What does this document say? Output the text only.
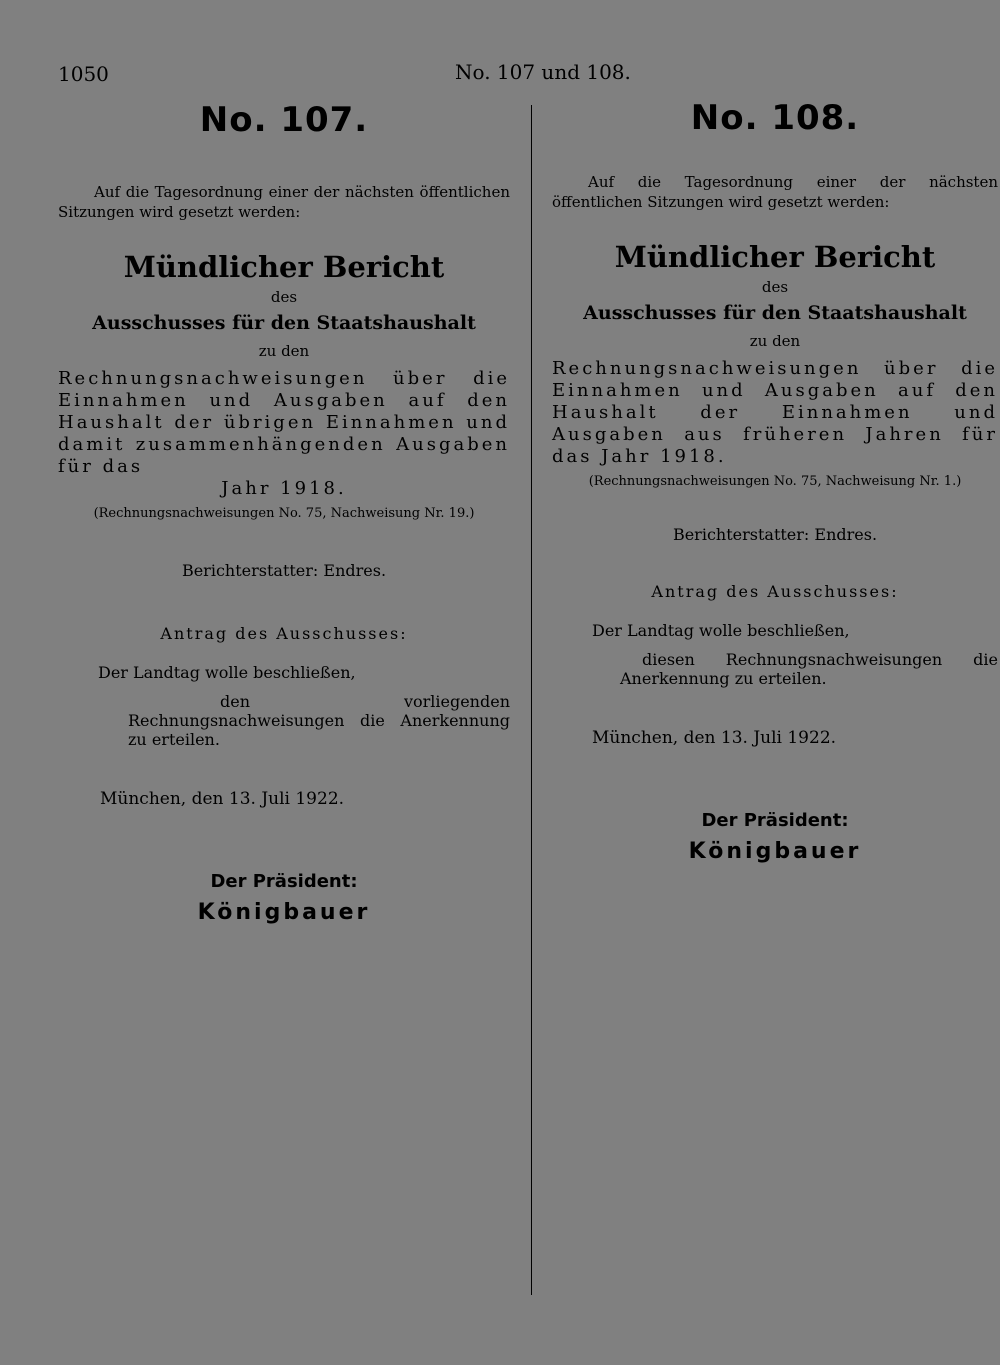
1050	No. 107 und 108.

No. 107.

Auf die Tagesordnung einer der nächsten öffentlichen Sitzungen wird gesetzt werden:

Mündlicher Bericht

des

Ausschusses für den Staatshaushalt

zu den

Rechnungsnachweisungen über die Einnahmen und Ausgaben auf den Haushalt der übrigen Einnahmen und damit zusammenhängenden Ausgaben für das

Jahr 1918.

(Rechnungsnachweisungen No. 75, Nachweisung Nr. 19.)

Berichterstatter: Endres.

Antrag des Ausschusses:

Der Landtag wolle beschließen,

den vorliegenden Rechnungsnachweisungen die Anerkennung zu erteilen.

München, den 13. Juli 1922.

Der Präsident:

Königbauer

No. 108.

Auf die Tagesordnung einer der nächsten öffentlichen Sitzungen wird gesetzt werden:

Mündlicher Bericht

des

Ausschusses für den Staatshaushalt

zu den

Rechnungsnachweisungen über die Einnahmen und Ausgaben auf den Haushalt der Einnahmen und Ausgaben aus früheren Jahren für das Jahr 1918.

(Rechnungsnachweisungen No. 75, Nachweisung Nr. 1.)

Berichterstatter: Endres.

Antrag des Ausschusses:

Der Landtag wolle beschließen,

diesen Rechnungsnachweisungen die Anerkennung zu erteilen.

München, den 13. Juli 1922.

Der Präsident:

Königbauer
